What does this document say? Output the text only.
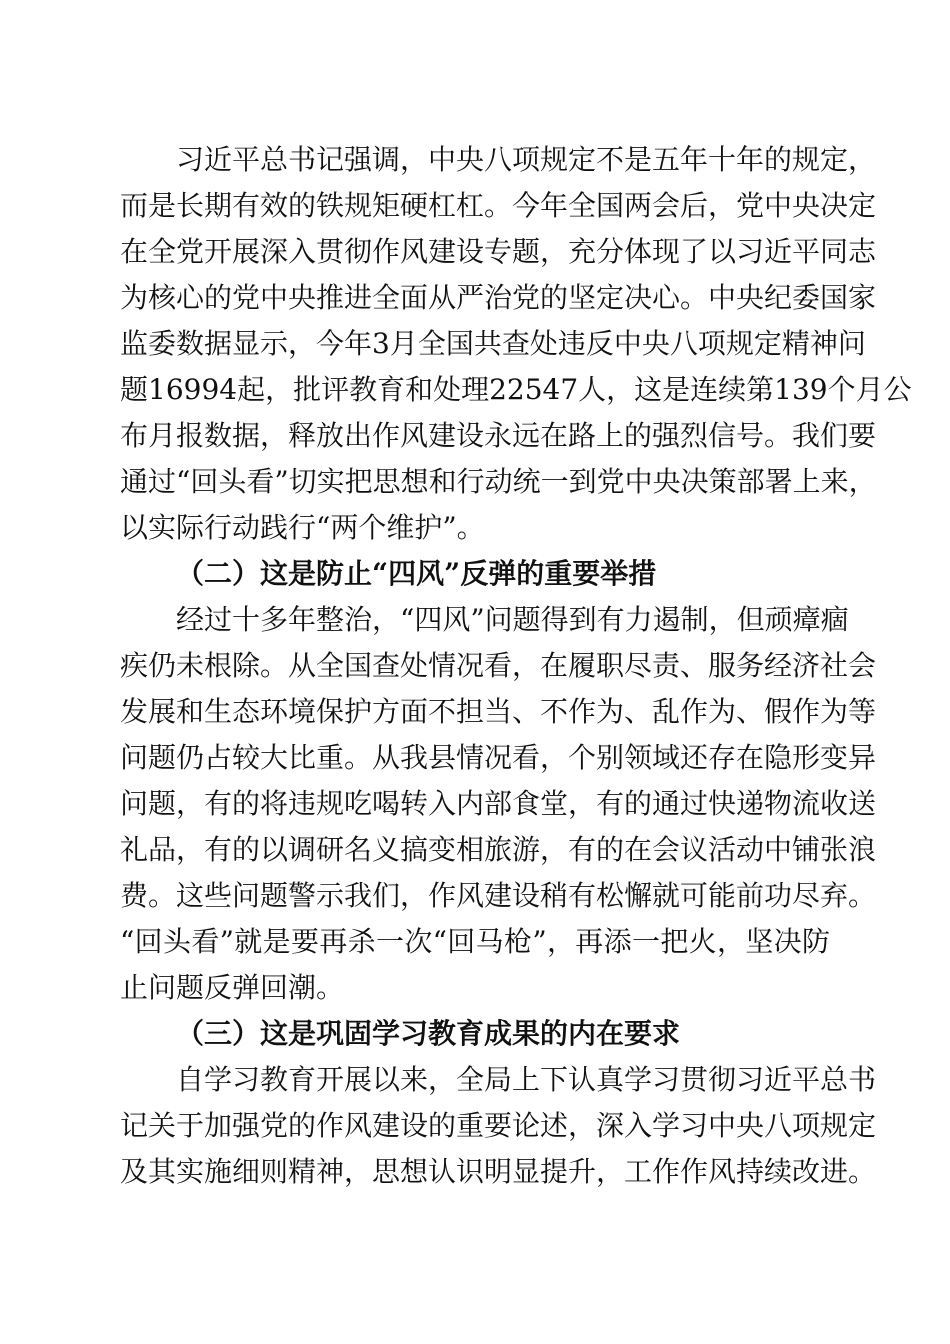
习近平总书记强调，中央八项规定不是五年十年的规定，
而是长期有效的铁规矩硬杠杠。今年全国两会后，党中央决定
在全党开展深入贯彻作风建设专题，充分体现了以习近平同志
为核心的党中央推进全面从严治党的坚定决心。中央纪委国家
监委数据显示，今年3月全国共查处违反中央八项规定精神问
题16994起，批评教育和处理22547人，这是连续第139个月公
布月报数据，释放出作风建设永远在路上的强烈信号。我们要
通过“回头看”切实把思想和行动统一到党中央决策部署上来，
以实际行动践行“两个维护”。
（二）这是防止“四风”反弹的重要举措
经过十多年整治，“四风”问题得到有力遏制，但顽瘴痼
疾仍未根除。从全国查处情况看，在履职尽责、服务经济社会
发展和生态环境保护方面不担当、不作为、乱作为、假作为等
问题仍占较大比重。从我县情况看，个别领域还存在隐形变异
问题，有的将违规吃喝转入内部食堂，有的通过快递物流收送
礼品，有的以调研名义搞变相旅游，有的在会议活动中铺张浪
费。这些问题警示我们，作风建设稍有松懈就可能前功尽弃。
“回头看”就是要再杀一次“回马枪”，再添一把火，坚决防
止问题反弹回潮。
（三）这是巩固学习教育成果的内在要求
自学习教育开展以来，全局上下认真学习贯彻习近平总书
记关于加强党的作风建设的重要论述，深入学习中央八项规定
及其实施细则精神，思想认识明显提升，工作作风持续改进。
